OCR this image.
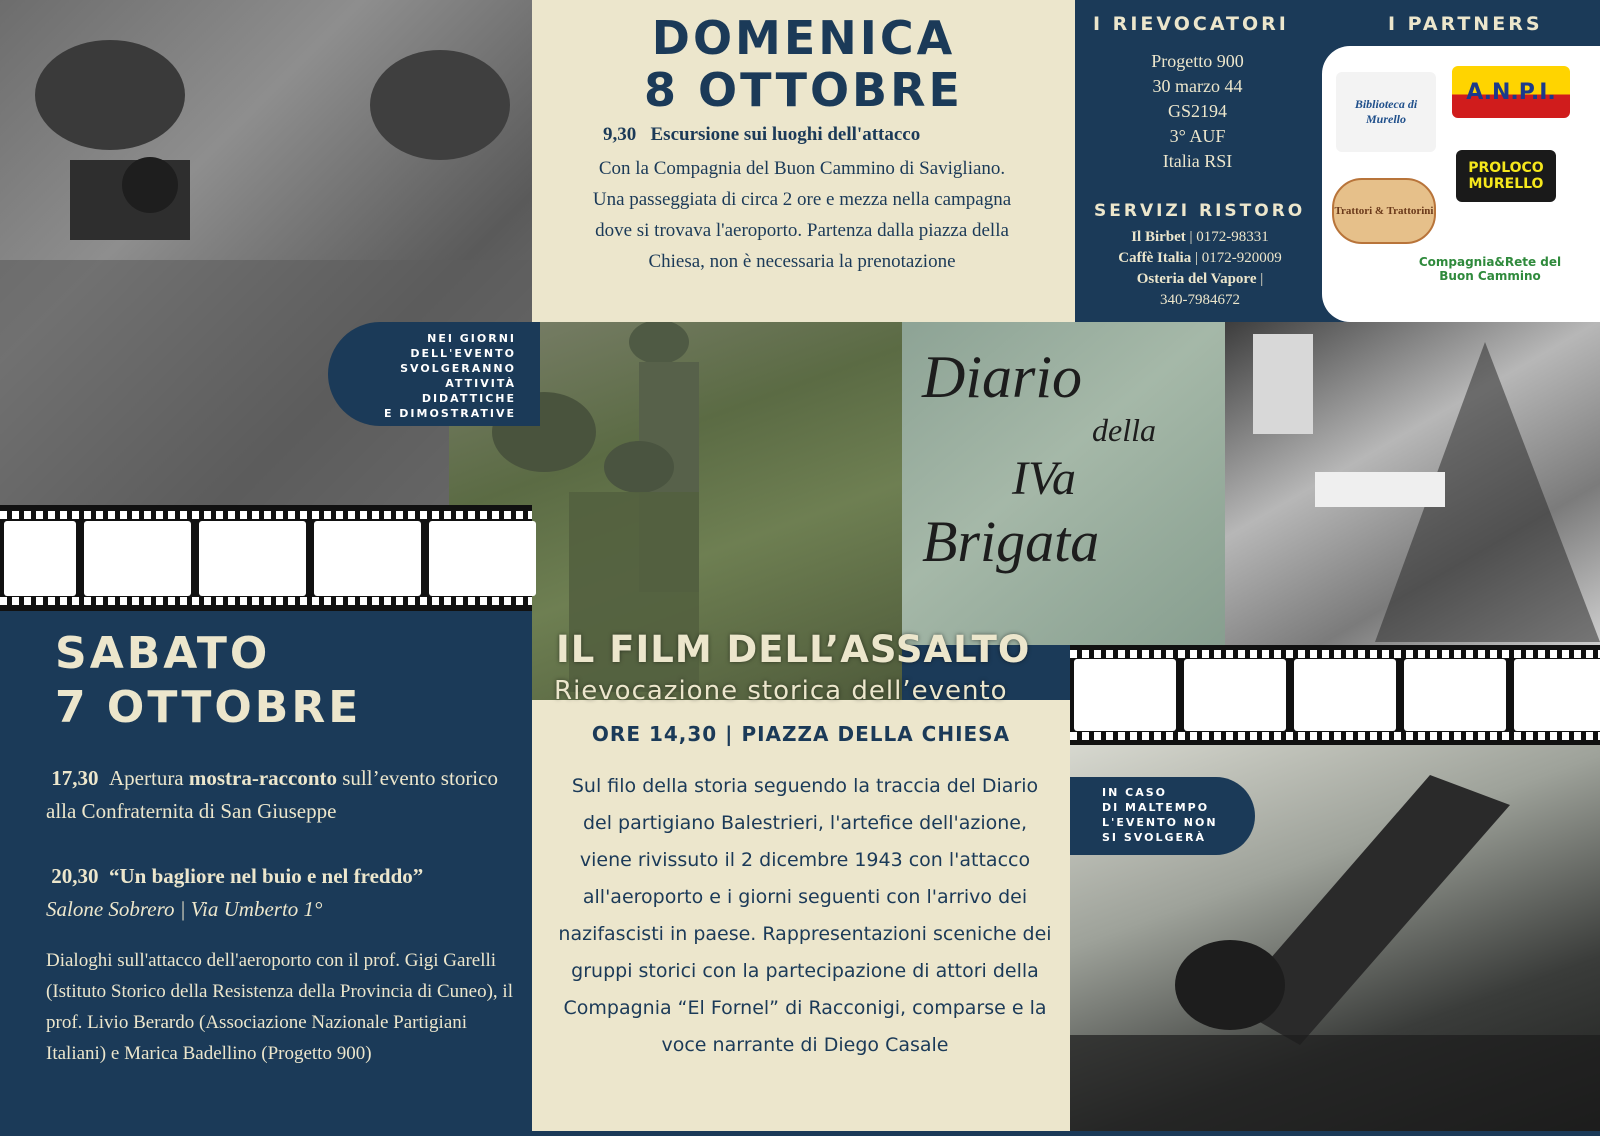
DOMENICA
8 OTTOBRE
9,30 Escursione sui luoghi dell'attacco
Con la Compagnia del Buon Cammino di Savigliano. Una passeggiata di circa 2 ore e mezza nella campagna dove si trovava l'aeroporto. Partenza dalla piazza della Chiesa, non è necessaria la prenotazione
I RIEVOCATORI
Progetto 900
30 marzo 44
GS2194
3° AUF
Italia RSI
SERVIZI RISTORO
Il Birbet | 0172-98331
Caffè Italia | 0172-920009
Osteria del Vapore |
340-7984672
I PARTNERS
Biblioteca di Murello
A.N.P.I.
PROLOCO MURELLO
Trattori & Trattorini
Compagnia&Rete del Buon Cammino
Diario
della
IVa
Brigata
NEI GIORNI
DELL'EVENTO
SVOLGERANNO
ATTIVITÀ
DIDATTICHE
E DIMOSTRATIVE
SABATO
7 OTTOBRE
17,30 Apertura mostra-racconto sull’evento storico alla Confraternita di San Giuseppe
20,30 “Un bagliore nel buio e nel freddo”
Salone Sobrero | Via Umberto 1°
Dialoghi sull'attacco dell'aeroporto con il prof. Gigi Garelli (Istituto Storico della Resistenza della Provincia di Cuneo), il prof. Livio Berardo (Associazione Nazionale Partigiani Italiani) e Marica Badellino (Progetto 900)
IL FILM DELL’ASSALTO
Rievocazione storica dell’evento
ORE 14,30 | PIAZZA DELLA CHIESA
Sul filo della storia seguendo la traccia del Diario del partigiano Balestrieri, l'artefice dell'azione, viene rivissuto il 2 dicembre 1943 con l'attacco all'aeroporto e i giorni seguenti con l'arrivo dei nazifascisti in paese. Rappresentazioni sceniche dei gruppi storici con la partecipazione di attori della Compagnia “El Fornel” di Racconigi, comparse e la voce narrante di Diego Casale
IN CASO
DI MALTEMPO
L'EVENTO NON
SI SVOLGERÀ
